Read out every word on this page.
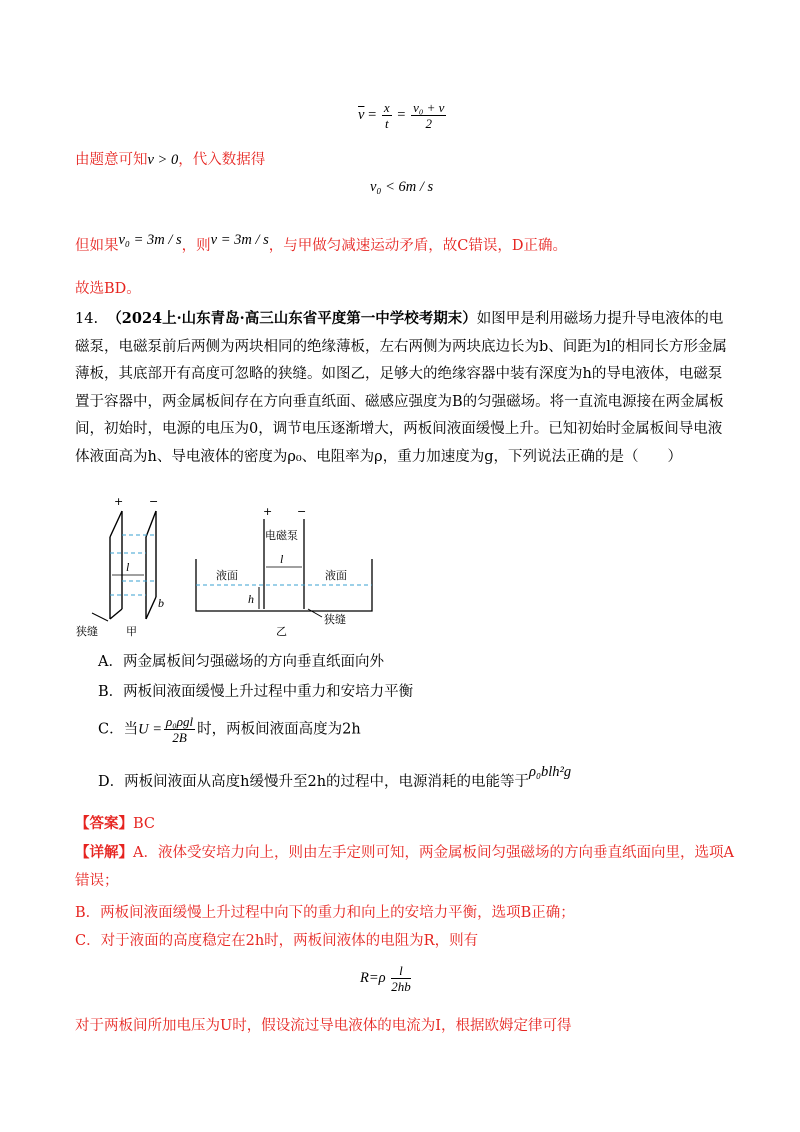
$\overline{v} = \frac{x}{t} = \frac{\text{v₀ + v}}{2}$
由题意可知v > 0，代入数据得
v₀ < 6m / s
但如果v₀ = 3m / s，则v = 3m / s，与甲做匀减速运动矛盾，故C错误，D正确。
故选BD。
14. （2024上·山东青岛·高三山东省平度第一中学校考期末）如图甲是利用磁场力提升导电液体的电磁泵，电磁泵前后两侧为两块相同的绝缘薄板，左右两侧为两块底边长为b、间距为l的相同长方形金属薄板，其底部开有高度可忽略的狭缝。如图乙，足够大的绝缘容器中装有深度为h的导电液体，电磁泵置于容器中，两金属板间存在方向垂直纸面、磁感应强度为B的匀强磁场。将一直流电源接在两金属板间，初始时，电源的电压为0，调节电压逐渐增大，两板间液面缓慢上升。已知初始时金属板间导电液体液面高为h、导电液体的密度为ρ₀、电阻率为ρ，重力加速度为g，下列说法正确的是（　　）
+ −
l
b
狭缝	甲
+ −
电磁泵
l
液面	液面
h
狭缝
乙
A．两金属板间匀强磁场的方向垂直纸面向外
B．两板间液面缓慢上升过程中重力和安培力平衡
C．当$U = \frac{\text{ρ₀ρgl}}{2B}$ 时，两板间液面高度为2h
D．两板间液面从高度h缓慢升至2h的过程中，电源消耗的电能等于ρ₀blh²g
【答案】BC
【详解】A．液体受安培力向上，则由左手定则可知，两金属板间匀强磁场的方向垂直纸面向里，选项A错误；
B．两板间液面缓慢上升过程中向下的重力和向上的安培力平衡，选项B正确；
C．对于液面的高度稳定在2h时，两板间液体的电阻为R，则有
$R=\rho \frac{l}{2hb}$
对于两板间所加电压为U时，假设流过导电液体的电流为I，根据欧姆定律可得
